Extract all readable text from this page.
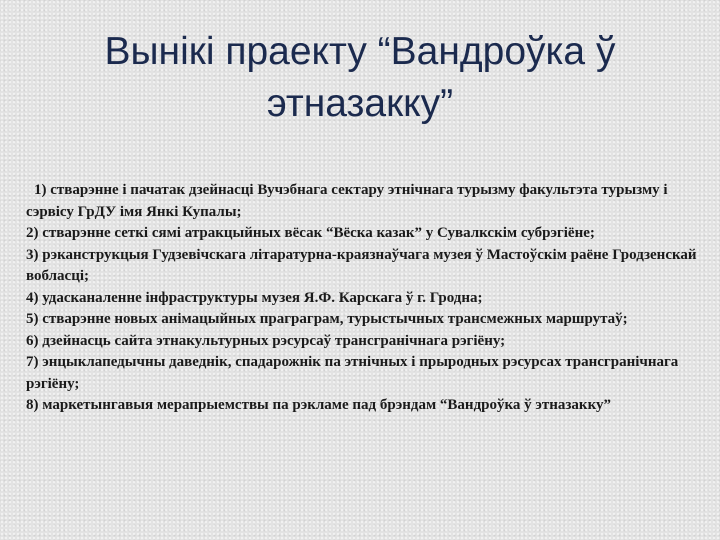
Вынікі праекту “Вандроўка ў
этназакку”
1) стварэнне і пачатак дзейнасці Вучэбнага сектару этнічнага турызму факультэта турызму і сэрвісу ГрДУ імя Янкі Купалы;
2) стварэнне сеткі сямі атракцыйных вёсак “Вёска казак” у Сувалкскім субрэгіёне;
3) рэканструкцыя Гудзевічскага літаратурна-краязнаўчага музея ў Мастоўскім раёне Гродзенскай вобласці;
4) удасканаленне інфраструктуры музея Я.Ф. Карскага ў г. Гродна;
5) стварэнне новых анімацыйных праграграм, турыстычных трансмежных маршрутаў;
6) дзейнасць сайта этнакультурных рэсурсаў трансгранічнага рэгіёну;
7) энцыклапедычны даведнік, спадарожнік па этнічных і прыродных рэсурсах трансгранічнага рэгіёну;
8) маркетынгавыя мерапрыемствы па рэкламе пад брэндам “Вандроўка ў этназакку”
